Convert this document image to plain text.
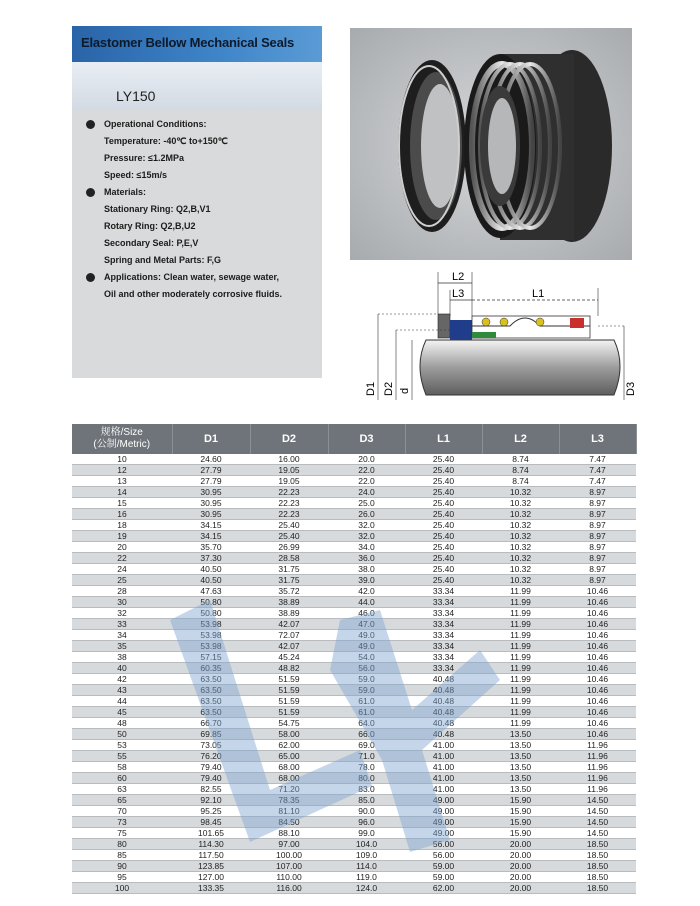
Elastomer Bellow Mechanical Seals
LY150
Operational Conditions:
Temperature: -40℃ to+150℃
Pressure: ≤1.2MPa
Speed: ≤15m/s
Materials:
Stationary Ring: Q2,B,V1
Rotary Ring: Q2,B,U2
Secondary Seal: P,E,V
Spring and Metal Parts: F,G
Applications: Clean water, sewage water,
Oil and other moderately corrosive fluids.
L2
L3	L1
D1 D2 d	D3
规格/Size
(公制/Metric)	D1	D2	D3	L1	L2	L3
10	24.60	16.00	20.0	25.40	8.74	7.47
12	27.79	19.05	22.0	25.40	8.74	7.47
13	27.79	19.05	22.0	25.40	8.74	7.47
14	30.95	22.23	24.0	25.40	10.32	8.97
15	30.95	22.23	25.0	25.40	10.32	8.97
16	30.95	22.23	26.0	25.40	10.32	8.97
18	34.15	25.40	32.0	25.40	10.32	8.97
19	34.15	25.40	32.0	25.40	10.32	8.97
20	35.70	26.99	34.0	25.40	10.32	8.97
22	37.30	28.58	36.0	25.40	10.32	8.97
24	40.50	31.75	38.0	25.40	10.32	8.97
25	40.50	31.75	39.0	25.40	10.32	8.97
28	47.63	35.72	42.0	33.34	11.99	10.46
30	50.80	38.89	44.0	33.34	11.99	10.46
32	50.80	38.89	46.0	33.34	11.99	10.46
33	53.98	42.07	47.0	33.34	11.99	10.46
34	53.98	72.07	49.0	33.34	11.99	10.46
35	53.98	42.07	49.0	33.34	11.99	10.46
38	57.15	45.24	54.0	33.34	11.99	10.46
40	60.35	48.82	56.0	33.34	11.99	10.46
42	63.50	51.59	59.0	40.48	11.99	10.46
43	63.50	51.59	59.0	40.48	11.99	10.46
44	63.50	51.59	61.0	40.48	11.99	10.46
45	63.50	51.59	61.0	40.48	11.99	10.46
48	66.70	54.75	64.0	40.48	11.99	10.46
50	69.85	58.00	66.0	40.48	13.50	10.46
53	73.05	62.00	69.0	41.00	13.50	11.96
55	76.20	65.00	71.0	41.00	13.50	11.96
58	79.40	68.00	78.0	41.00	13.50	11.96
60	79.40	68.00	80.0	41.00	13.50	11.96
63	82.55	71.20	83.0	41.00	13.50	11.96
65	92.10	78.35	85.0	49.00	15.90	14.50
70	95.25	81.10	90.0	49.00	15.90	14.50
73	98.45	84.50	96.0	49.00	15.90	14.50
75	101.65	88.10	99.0	49.00	15.90	14.50
80	114.30	97.00	104.0	56.00	20.00	18.50
85	117.50	100.00	109.0	56.00	20.00	18.50
90	123.85	107.00	114.0	59.00	20.00	18.50
95	127.00	110.00	119.0	59.00	20.00	18.50
100	133.35	116.00	124.0	62.00	20.00	18.50
